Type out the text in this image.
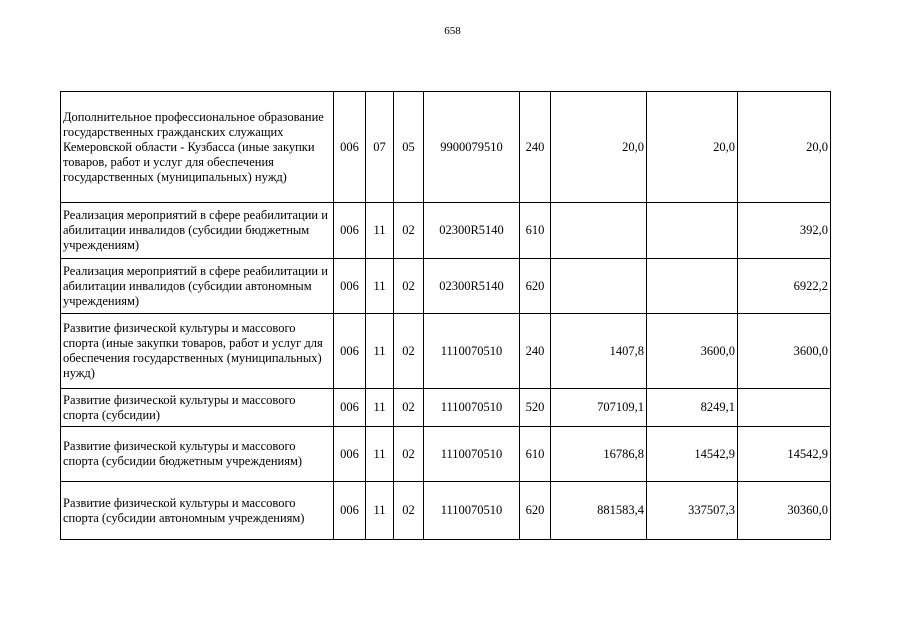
658
Дополнительное профессиональное образование государственных гражданских служащих Кемеровской области - Кузбасса (иные закупки товаров, работ и услуг для обеспечения государственных (муниципальных) нужд)	006	07	05	9900079510	240	20,0	20,0	20,0
Реализация мероприятий в сфере реабилитации и абилитации инвалидов (субсидии бюджетным учреждениям)	006	11	02	02300R5140	610			392,0
Реализация мероприятий в сфере реабилитации и абилитации инвалидов (субсидии автономным учреждениям)	006	11	02	02300R5140	620			6922,2
Развитие физической культуры и массового спорта (иные закупки товаров, работ и услуг для обеспечения государственных (муниципальных) нужд)	006	11	02	1110070510	240	1407,8	3600,0	3600,0
Развитие физической культуры и массового спорта (субсидии)	006	11	02	1110070510	520	707109,1	8249,1	
Развитие физической культуры и массового спорта (субсидии бюджетным учреждениям)	006	11	02	1110070510	610	16786,8	14542,9	14542,9
Развитие физической культуры и массового спорта (субсидии автономным учреждениям)	006	11	02	1110070510	620	881583,4	337507,3	30360,0
